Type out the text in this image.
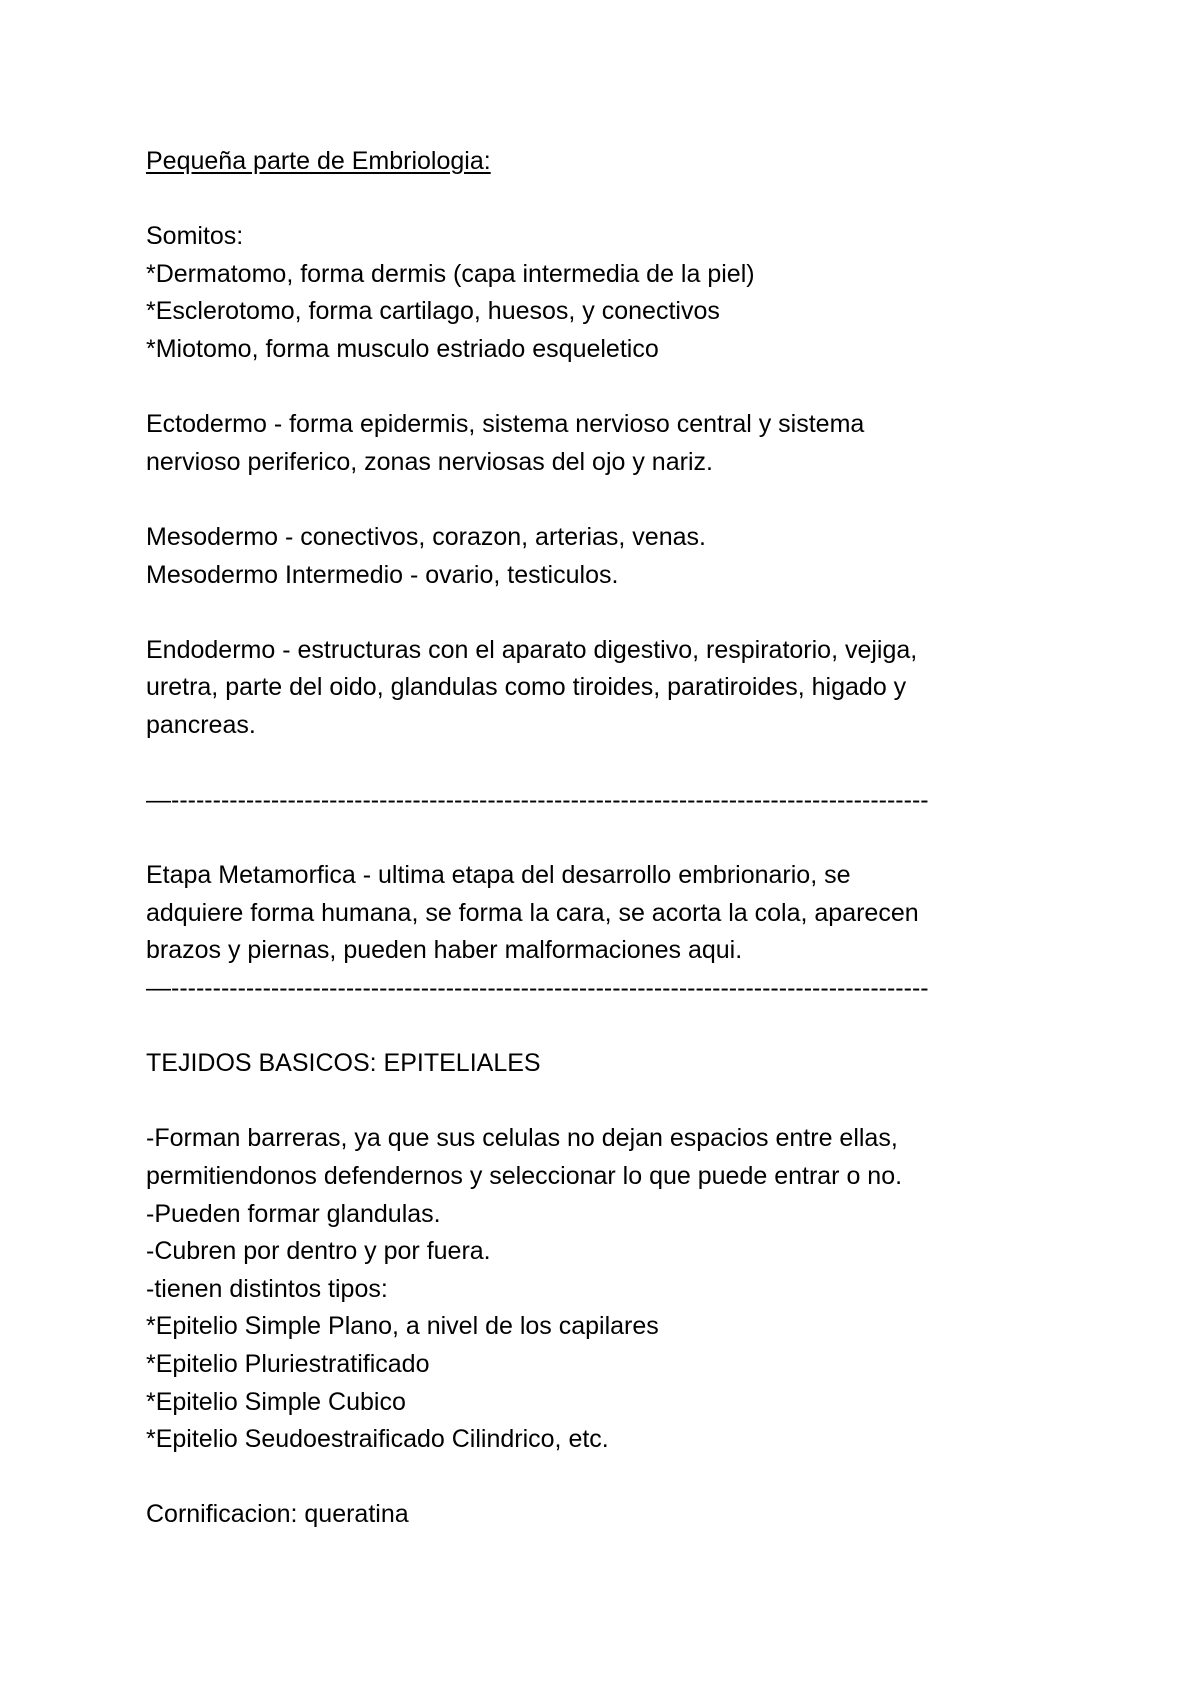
Pequeña parte de Embriologia:
Somitos:
*Dermatomo, forma dermis (capa intermedia de la piel)
*Esclerotomo, forma cartilago, huesos, y conectivos
*Miotomo, forma musculo estriado esqueletico
Ectodermo - forma epidermis, sistema nervioso central y sistema
nervioso periferico, zonas nerviosas del ojo y nariz.
Mesodermo - conectivos, corazon, arterias, venas.
Mesodermo Intermedio - ovario, testiculos.
Endodermo - estructuras con el aparato digestivo, respiratorio, vejiga,
uretra, parte del oido, glandulas como tiroides, paratiroides, higado y
pancreas.
—-------------------------------------------------------------------------------------------
Etapa Metamorfica - ultima etapa del desarrollo embrionario, se
adquiere forma humana, se forma la cara, se acorta la cola, aparecen
brazos y piernas, pueden haber malformaciones aqui.
—-------------------------------------------------------------------------------------------
TEJIDOS BASICOS: EPITELIALES
-Forman barreras, ya que sus celulas no dejan espacios entre ellas,
permitiendonos defendernos y seleccionar lo que puede entrar o no.
-Pueden formar glandulas.
-Cubren por dentro y por fuera.
-tienen distintos tipos:
*Epitelio Simple Plano, a nivel de los capilares
*Epitelio Pluriestratificado
*Epitelio Simple Cubico
*Epitelio Seudoestraificado Cilindrico, etc.
Cornificacion: queratina
